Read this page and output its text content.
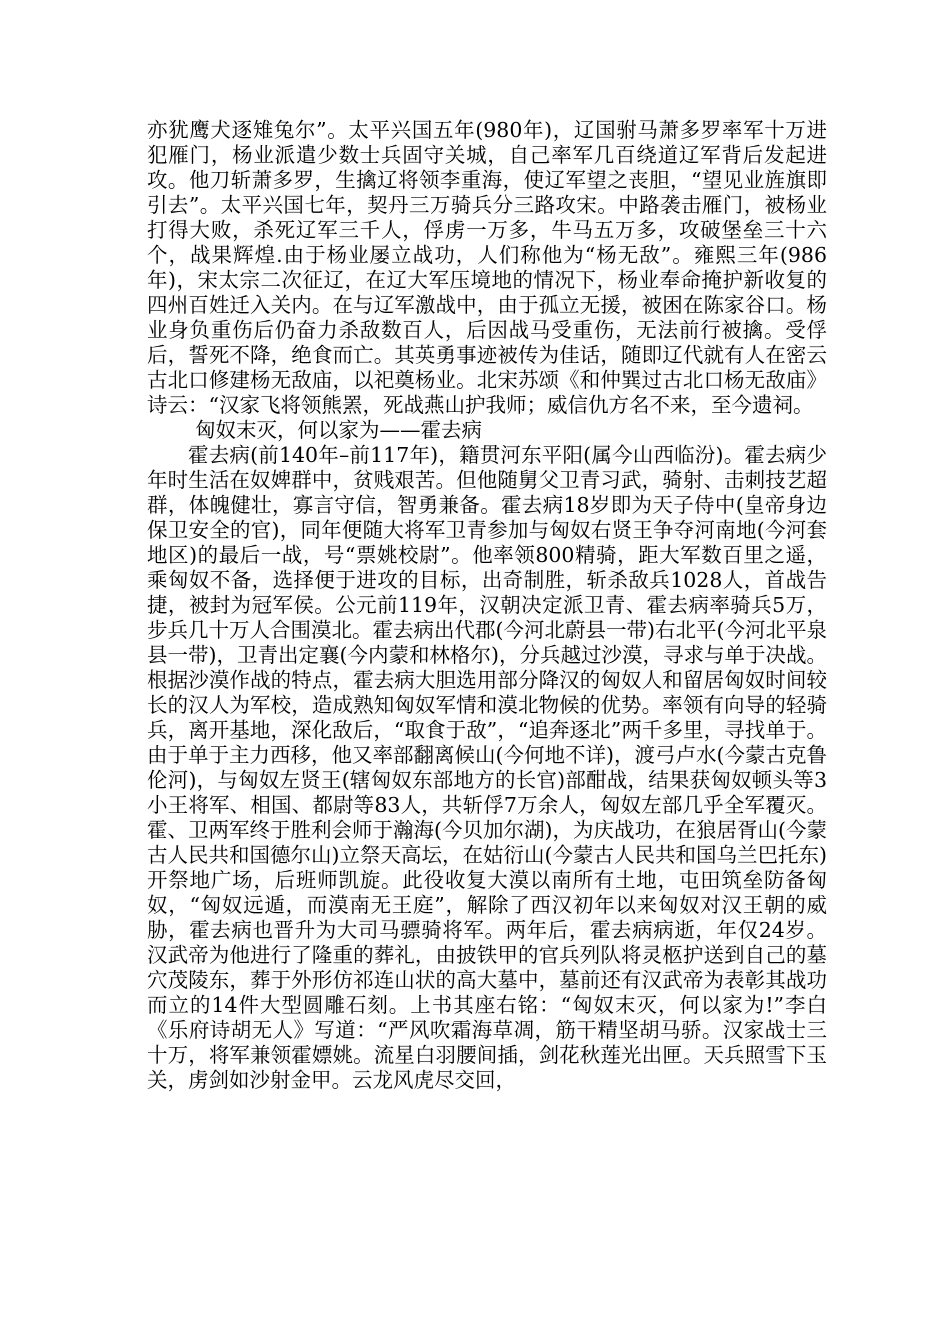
亦犹鹰犬逐雉兔尔”。太平兴国五年(980年)，辽国驸马萧多罗率军十万进犯雁门，杨业派遣少数士兵固守关城，自己率军几百绕道辽军背后发起进攻。他刀斩萧多罗，生擒辽将领李重海，使辽军望之丧胆，“望见业旌旗即引去”。太平兴国七年，契丹三万骑兵分三路攻宋。中路袭击雁门，被杨业打得大败，杀死辽军三千人，俘虏一万多，牛马五万多，攻破堡垒三十六个，战果辉煌.由于杨业屡立战功，人们称他为“杨无敌”。雍熙三年(986年)，宋太宗二次征辽，在辽大军压境地的情况下，杨业奉命掩护新收复的四州百姓迁入关内。在与辽军激战中，由于孤立无援，被困在陈家谷口。杨业身负重伤后仍奋力杀敌数百人，后因战马受重伤，无法前行被擒。受俘后，誓死不降，绝食而亡。其英勇事迹被传为佳话，随即辽代就有人在密云古北口修建杨无敌庙，以祀奠杨业。北宋苏颂《和仲巽过古北口杨无敌庙》诗云：“汉家飞将领熊罴，死战燕山护我师；威信仇方名不来，至今遗祠。

匈奴末灭，何以家为——霍去病

霍去病(前140年–前117年)，籍贯河东平阳(属今山西临汾)。霍去病少年时生活在奴婢群中，贫贱艰苦。但他随舅父卫青习武，骑射、击刺技艺超群，体魄健壮，寡言守信，智勇兼备。霍去病18岁即为天子侍中(皇帝身边保卫安全的官)，同年便随大将军卫青参加与匈奴右贤王争夺河南地(今河套地区)的最后一战，号“票姚校尉”。他率领800精骑，距大军数百里之遥，乘匈奴不备，选择便于进攻的目标，出奇制胜，斩杀敌兵1028人，首战告捷，被封为冠军侯。公元前119年，汉朝决定派卫青、霍去病率骑兵5万，步兵几十万人合围漠北。霍去病出代郡(今河北蔚县一带)右北平(今河北平泉县一带)，卫青出定襄(今内蒙和林格尔)，分兵越过沙漠，寻求与单于决战。根据沙漠作战的特点，霍去病大胆选用部分降汉的匈奴人和留居匈奴时间较长的汉人为军校，造成熟知匈奴军情和漠北物候的优势。率领有向导的轻骑兵，离开基地，深化敌后，“取食于敌”，“追奔逐北”两千多里，寻找单于。由于单于主力西移，他又率部翻离候山(今何地不详)，渡弓卢水(今蒙古克鲁伦河)，与匈奴左贤王(辖匈奴东部地方的长官)部酣战，结果获匈奴顿头等3小王将军、相国、都尉等83人，共斩俘7万余人，匈奴左部几乎全军覆灭。霍、卫两军终于胜利会师于瀚海(今贝加尔湖)，为庆战功，在狼居胥山(今蒙古人民共和国德尔山)立祭天高坛，在姑衍山(今蒙古人民共和国乌兰巴托东)开祭地广场，后班师凯旋。此役收复大漠以南所有土地，屯田筑垒防备匈奴，“匈奴远遁，而漠南无王庭”，解除了西汉初年以来匈奴对汉王朝的威胁，霍去病也晋升为大司马骠骑将军。两年后，霍去病病逝，年仅24岁。汉武帝为他进行了隆重的葬礼，由披铁甲的官兵列队将灵柩护送到自己的墓穴茂陵东，葬于外形仿祁连山状的高大墓中，墓前还有汉武帝为表彰其战功而立的14件大型圆雕石刻。上书其座右铭：“匈奴末灭，何以家为!”李白《乐府诗胡无人》写道：“严风吹霜海草凋，筋干精坚胡马骄。汉家战士三十万，将军兼领霍嫖姚。流星白羽腰间插，剑花秋莲光出匣。天兵照雪下玉关，虏剑如沙射金甲。云龙风虎尽交回，
